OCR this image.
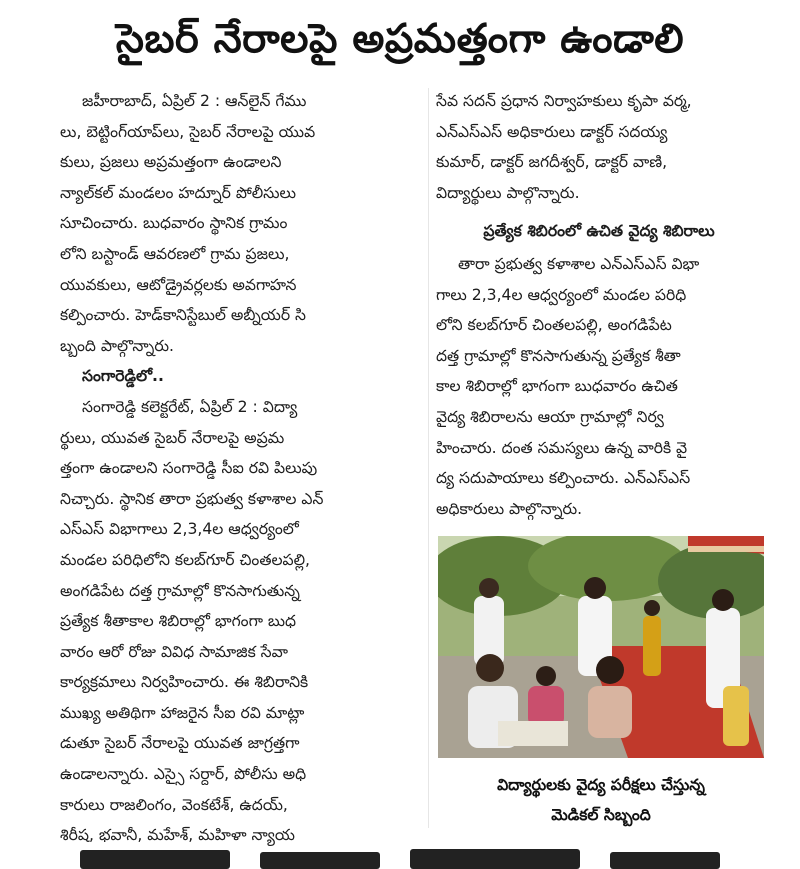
సైబర్ నేరాలపై అప్రమత్తంగా ఉండాలి
జహీరాబాద్, ఏప్రిల్ 2 : ఆన్‌లైన్ గేము
లు, బెట్టింగ్‌యాప్‌లు, సైబర్ నేరాలపై యువ
కులు, ప్రజలు అప్రమత్తంగా ఉండాలని
న్యాల్‌కల్ మండలం హద్నూర్ పోలీసులు
సూచించారు. బుధవారం స్థానిక గ్రామం
లోని బస్టాండ్ ఆవరణలో గ్రామ ప్రజలు,
యువకులు, ఆటోడ్రైవర్లలకు అవగాహన
కల్పించారు. హెడ్‌కానిస్టేబుల్ అబ్నీయర్ సి
బ్బంది పాల్గొన్నారు.
సంగారెడ్డిలో..
సంగారెడ్డి కలెక్టరేట్, ఏప్రిల్ 2 : విద్యా
ర్థులు, యువత సైబర్ నేరాలపై అప్రమ
త్తంగా ఉండాలని సంగారెడ్డి సీఐ రవి పిలుపు
నిచ్చారు. స్థానిక తారా ప్రభుత్వ కళాశాల ఎన్
ఎస్ఎస్ విభాగాలు 2,3,4ల ఆధ్వర్యంలో
మండల పరిధిలోని కలబ్‌గూర్ చింతలపల్లి,
అంగడిపేట దత్త గ్రామాల్లో కొనసాగుతున్న
ప్రత్యేక శీతాకాల శిబిరాల్లో భాగంగా బుధ
వారం ఆరో రోజు వివిధ సామాజిక సేవా
కార్యక్రమాలు నిర్వహించారు. ఈ శిబిరానికి
ముఖ్య అతిథిగా హాజరైన సీఐ రవి మాట్లా
డుతూ సైబర్ నేరాలపై యువత జాగ్రత్తగా
ఉండాలన్నారు. ఎస్సై సర్దార్, పోలీసు అధి
కారులు రాజలింగం, వెంకటేశ్, ఉదయ్,
శిరీష, భవానీ, మహేశ్, మహిళా న్యాయ
సేవ సదన్ ప్రధాన నిర్వాహకులు కృపా వర్మ,
ఎన్ఎస్ఎస్ అధికారులు డాక్టర్ సదయ్య
కుమార్, డాక్టర్ జగదీశ్వర్, డాక్టర్ వాణి,
విద్యార్థులు పాల్గొన్నారు.
ప్రత్యేక శిబిరంలో ఉచిత వైద్య శిబిరాలు
తారా ప్రభుత్వ కళాశాల ఎన్ఎస్ఎస్ విభా
గాలు 2,3,4ల ఆధ్వర్యంలో మండల పరిధి
లోని కలబ్‌గూర్ చింతలపల్లి, అంగడిపేట
దత్త గ్రామాల్లో కొనసాగుతున్న ప్రత్యేక శీతా
కాల శిబిరాల్లో భాగంగా బుధవారం ఉచిత
వైద్య శిబిరాలను ఆయా గ్రామాల్లో నిర్వ
హించారు. దంత సమస్యలు ఉన్న వారికి వై
ద్య సదుపాయాలు కల్పించారు. ఎన్ఎస్ఎస్
అధికారులు పాల్గొన్నారు.
విద్యార్థులకు వైద్య పరీక్షలు చేస్తున్న
మెడికల్ సిబ్బంది
